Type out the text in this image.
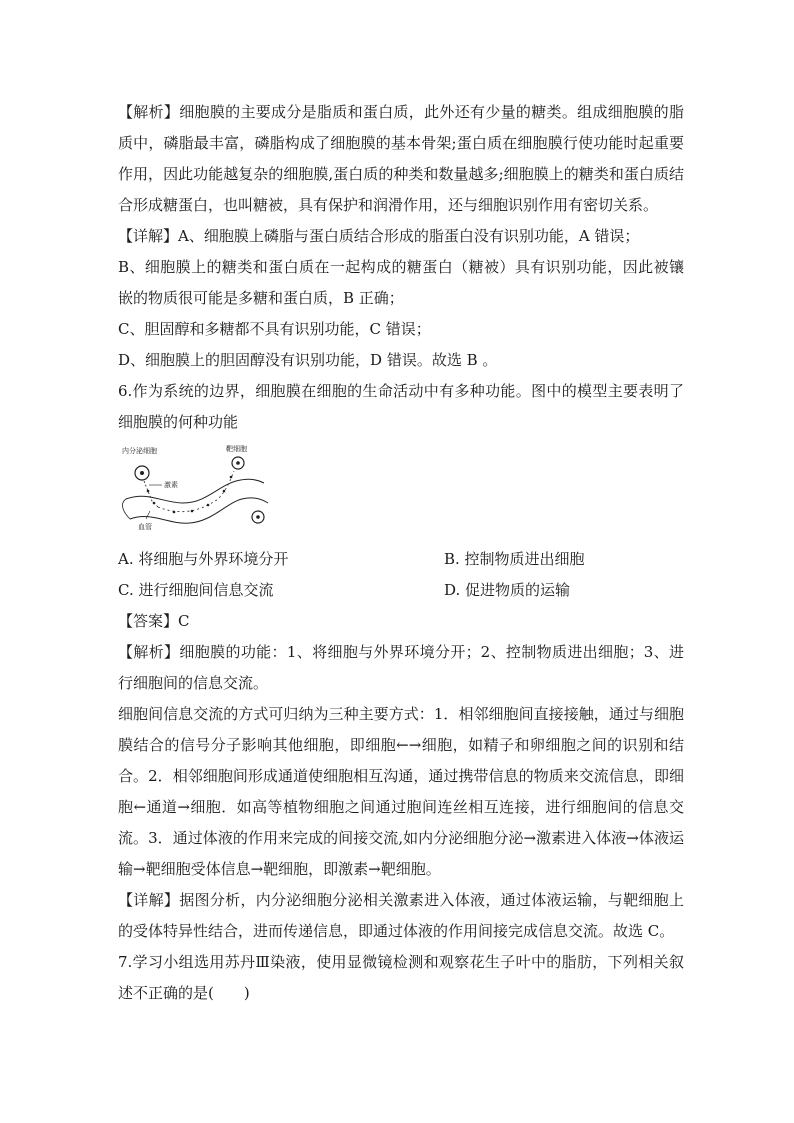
【解析】细胞膜的主要成分是脂质和蛋白质，此外还有少量的糖类。组成细胞膜的脂质中，磷脂最丰富，磷脂构成了细胞膜的基本骨架;蛋白质在细胞膜行使功能时起重要作用，因此功能越复杂的细胞膜,蛋白质的种类和数量越多;细胞膜上的糖类和蛋白质结合形成糖蛋白，也叫糖被，具有保护和润滑作用，还与细胞识别作用有密切关系。

【详解】A、细胞膜上磷脂与蛋白质结合形成的脂蛋白没有识别功能，A 错误；

B、细胞膜上的糖类和蛋白质在一起构成的糖蛋白（糖被）具有识别功能，因此被镶嵌的物质很可能是多糖和蛋白质，B 正确；

C、胆固醇和多糖都不具有识别功能，C 错误；

D、细胞膜上的胆固醇没有识别功能，D 错误。故选 B 。

6.作为系统的边界，细胞膜在细胞的生命活动中有多种功能。图中的模型主要表明了细胞膜的何种功能

内分泌细胞	靶细胞
激素
血管

A. 将细胞与外界环境分开	B. 控制物质进出细胞

C. 进行细胞间信息交流	D. 促进物质的运输

【答案】C

【解析】细胞膜的功能：1、将细胞与外界环境分开；2、控制物质进出细胞；3、进行细胞间的信息交流。

细胞间信息交流的方式可归纳为三种主要方式：1．相邻细胞间直接接触，通过与细胞膜结合的信号分子影响其他细胞，即细胞←→细胞，如精子和卵细胞之间的识别和结合。2．相邻细胞间形成通道使细胞相互沟通，通过携带信息的物质来交流信息，即细胞←通道→细胞．如高等植物细胞之间通过胞间连丝相互连接，进行细胞间的信息交流。3．通过体液的作用来完成的间接交流,如内分泌细胞分泌→激素进入体液→体液运输→靶细胞受体信息→靶细胞，即激素→靶细胞。

【详解】据图分析，内分泌细胞分泌相关激素进入体液，通过体液运输，与靶细胞上的受体特异性结合，进而传递信息，即通过体液的作用间接完成信息交流。故选 C。

7.学习小组选用苏丹Ⅲ染液，使用显微镜检测和观察花生子叶中的脂肪，下列相关叙述不正确的是(　　)
